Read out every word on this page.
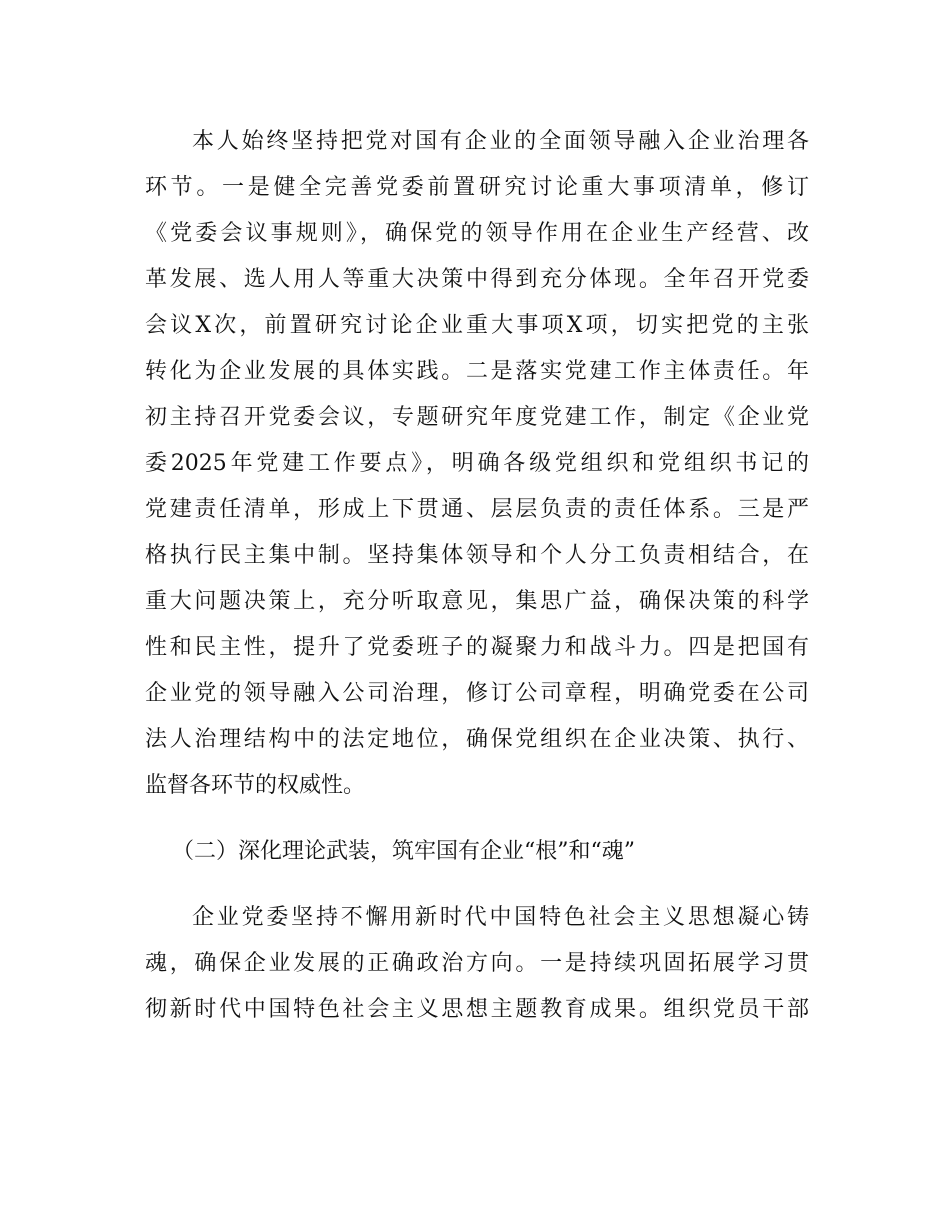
本人始终坚持把党对国有企业的全面领导融入企业治理各
环节。一是健全完善党委前置研究讨论重大事项清单，修订
《党委会议事规则》，确保党的领导作用在企业生产经营、改
革发展、选人用人等重大决策中得到充分体现。全年召开党委
会议X次，前置研究讨论企业重大事项X项，切实把党的主张
转化为企业发展的具体实践。二是落实党建工作主体责任。年
初主持召开党委会议，专题研究年度党建工作，制定《企业党
委2025年党建工作要点》，明确各级党组织和党组织书记的
党建责任清单，形成上下贯通、层层负责的责任体系。三是严
格执行民主集中制。坚持集体领导和个人分工负责相结合，在
重大问题决策上，充分听取意见，集思广益，确保决策的科学
性和民主性，提升了党委班子的凝聚力和战斗力。四是把国有
企业党的领导融入公司治理，修订公司章程，明确党委在公司
法人治理结构中的法定地位，确保党组织在企业决策、执行、
监督各环节的权威性。
（二）深化理论武装，筑牢国有企业“根”和“魂”
企业党委坚持不懈用新时代中国特色社会主义思想凝心铸
魂，确保企业发展的正确政治方向。一是持续巩固拓展学习贯
彻新时代中国特色社会主义思想主题教育成果。组织党员干部
